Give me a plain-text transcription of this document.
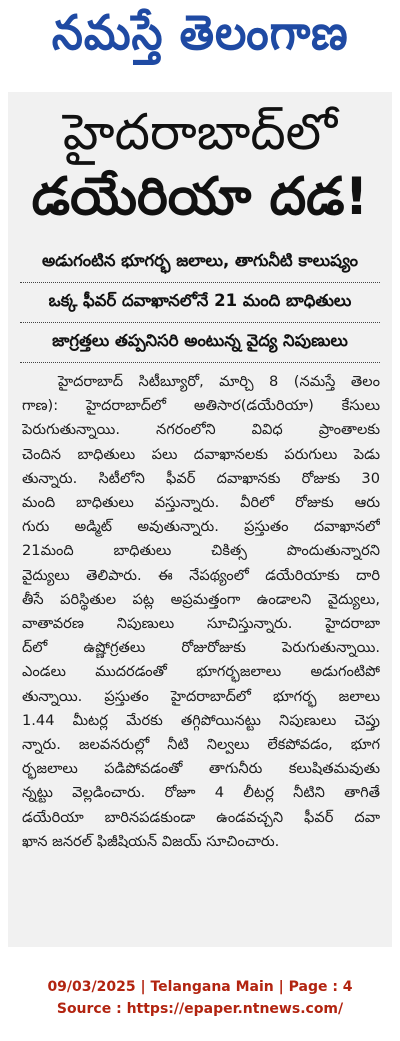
నమస్తే తెలంగాణ
హైదరాబాద్‌లో
డయేరియా దడ!
అడుగంటిన భూగర్భ జలాలు, తాగునీటి కాలుష్యం
ఒక్క ఫీవర్‌ దవాఖానలోనే 21 మంది బాధితులు
జాగ్రత్తలు తప్పనిసరి అంటున్న వైద్య నిపుణులు
హైదరాబాద్‌ సిటీబ్యూరో, మార్చి 8 (నమస్తే తెలం
గాణ): హైదరాబాద్‌లో అతిసార(డయేరియా) కేసులు
పెరుగుతున్నాయి. నగరంలోని వివిధ ప్రాంతాలకు
చెందిన బాధితులు పలు దవాఖానలకు పరుగులు పెడు
తున్నారు. సిటీలోని ఫీవర్‌ దవాఖానకు రోజుకు 30
మంది బాధితులు వస్తున్నారు. వీరిలో రోజుకు ఆరు
గురు అడ్మిట్‌ అవుతున్నారు. ప్రస్తుతం దవాఖానలో
21మంది బాధితులు చికిత్స పొందుతున్నారని
వైద్యులు తెలిపారు. ఈ నేపథ్యంలో డయేరియాకు దారి
తీసే పరిస్థితుల పట్ల అప్రమత్తంగా ఉండాలని వైద్యులు,
వాతావరణ నిపుణులు సూచిస్తున్నారు. హైదరాబా
ద్‌లో ఉష్ణోగ్రతలు రోజురోజుకు పెరుగుతున్నాయి.
ఎండలు ముదరడంతో భూగర్భజలాలు అడుగంటిపో
తున్నాయి. ప్రస్తుతం హైదరాబాద్‌లో భూగర్భ జలాలు
1.44 మీటర్ల మేరకు తగ్గిపోయినట్టు నిపుణులు చెప్తు
న్నారు. జలవనరుల్లో నీటి నిల్వలు లేకపోవడం, భూగ
ర్భజలాలు పడిపోవడంతో తాగునీరు కలుషితమవుతు
న్నట్టు వెల్లడించారు. రోజూ 4 లీటర్ల నీటిని తాగితే
డయేరియా బారినపడకుండా ఉండవచ్చని ఫీవర్‌ దవా
ఖాన జనరల్‌ ఫిజీషియన్‌ విజయ్‌ సూచించారు.
09/03/2025 | Telangana Main | Page : 4
Source : https://epaper.ntnews.com/
